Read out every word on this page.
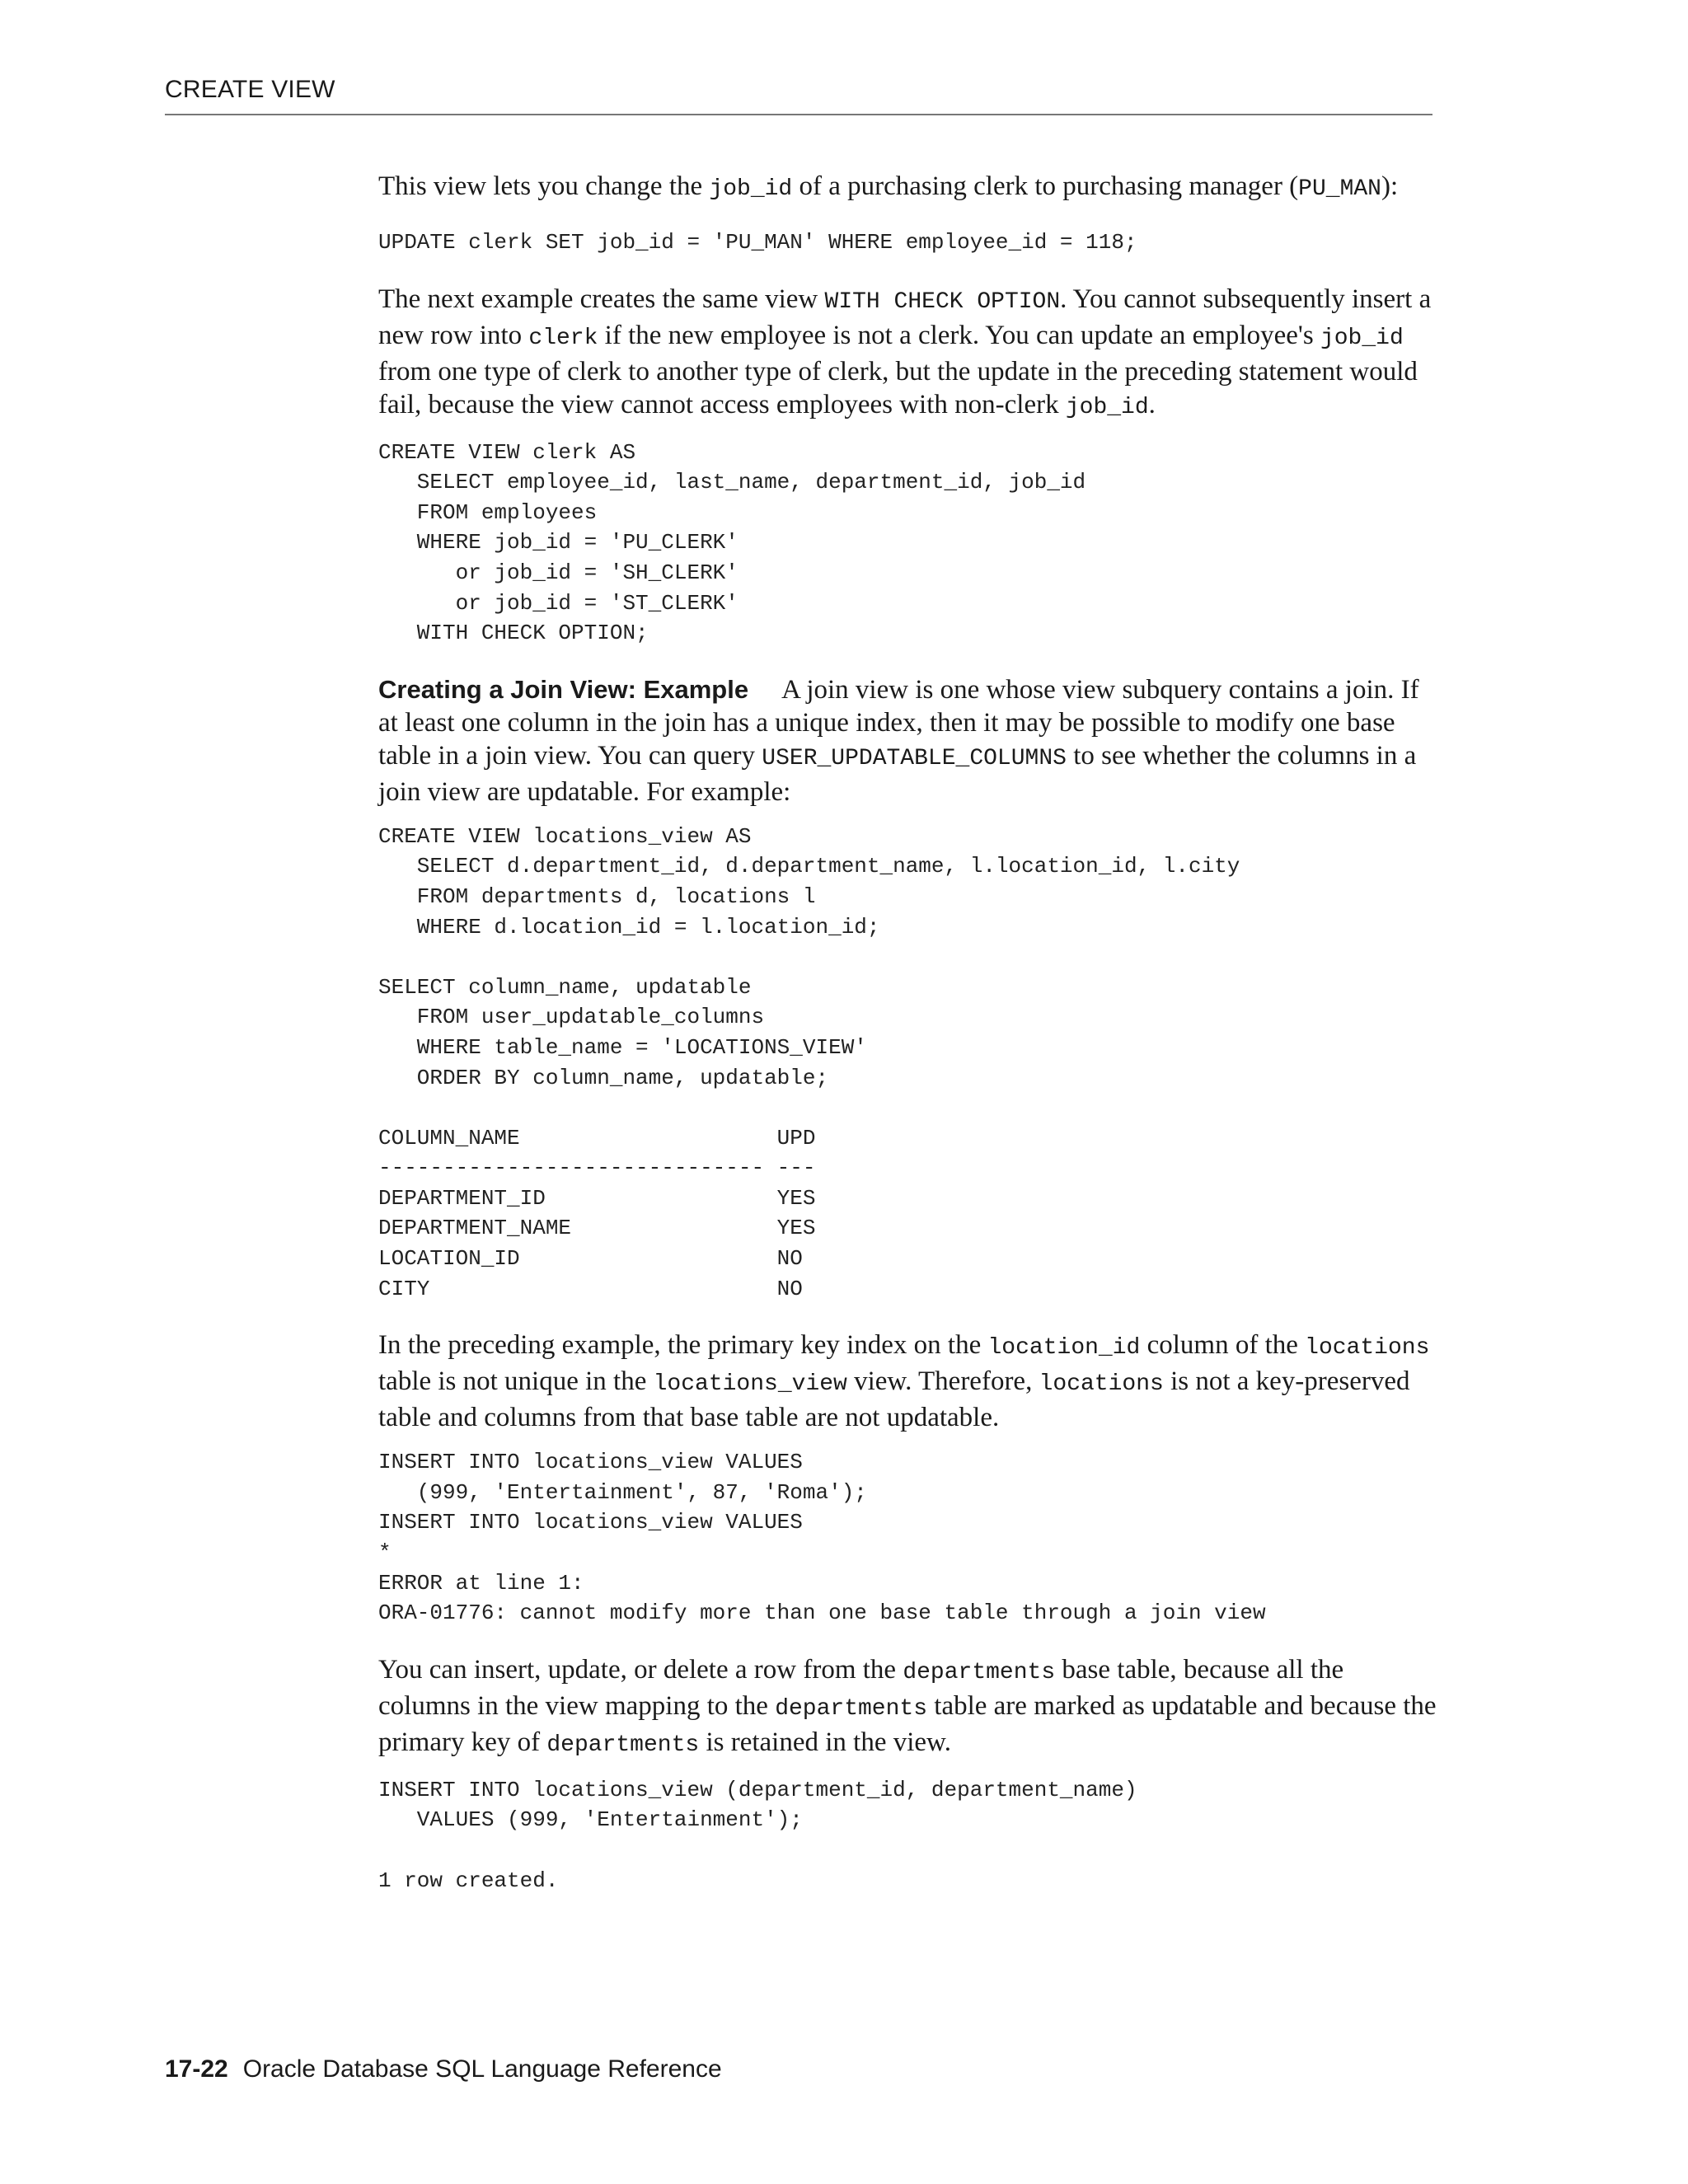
CREATE VIEW

This view lets you change the job_id of a purchasing clerk to purchasing manager (PU_MAN):

UPDATE clerk SET job_id = 'PU_MAN' WHERE employee_id = 118;

The next example creates the same view WITH CHECK OPTION. You cannot subsequently insert a new row into clerk if the new employee is not a clerk. You can update an employee's job_id from one type of clerk to another type of clerk, but the update in the preceding statement would fail, because the view cannot access employees with non-clerk job_id.

CREATE VIEW clerk AS
SELECT employee_id, last_name, department_id, job_id
FROM employees
WHERE job_id = 'PU_CLERK'
or job_id = 'SH_CLERK'
or job_id = 'ST_CLERK'
WITH CHECK OPTION;

Creating a Join View: Example A join view is one whose view subquery contains a join. If at least one column in the join has a unique index, then it may be possible to modify one base table in a join view. You can query USER_UPDATABLE_COLUMNS to see whether the columns in a join view are updatable. For example:

CREATE VIEW locations_view AS
SELECT d.department_id, d.department_name, l.location_id, l.city
FROM departments d, locations l
WHERE d.location_id = l.location_id;

SELECT column_name, updatable
FROM user_updatable_columns
WHERE table_name = 'LOCATIONS_VIEW'
ORDER BY column_name, updatable;

COLUMN_NAME                    UPD
------------------------------ ---
DEPARTMENT_ID                  YES
DEPARTMENT_NAME                YES
LOCATION_ID                    NO
CITY                           NO

In the preceding example, the primary key index on the location_id column of the locations table is not unique in the locations_view view. Therefore, locations is not a key-preserved table and columns from that base table are not updatable.

INSERT INTO locations_view VALUES
(999, 'Entertainment', 87, 'Roma');
INSERT INTO locations_view VALUES
*
ERROR at line 1:
ORA-01776: cannot modify more than one base table through a join view

You can insert, update, or delete a row from the departments base table, because all the columns in the view mapping to the departments table are marked as updatable and because the primary key of departments is retained in the view.

INSERT INTO locations_view (department_id, department_name)
VALUES (999, 'Entertainment');

1 row created.
17-22 Oracle Database SQL Language Reference
